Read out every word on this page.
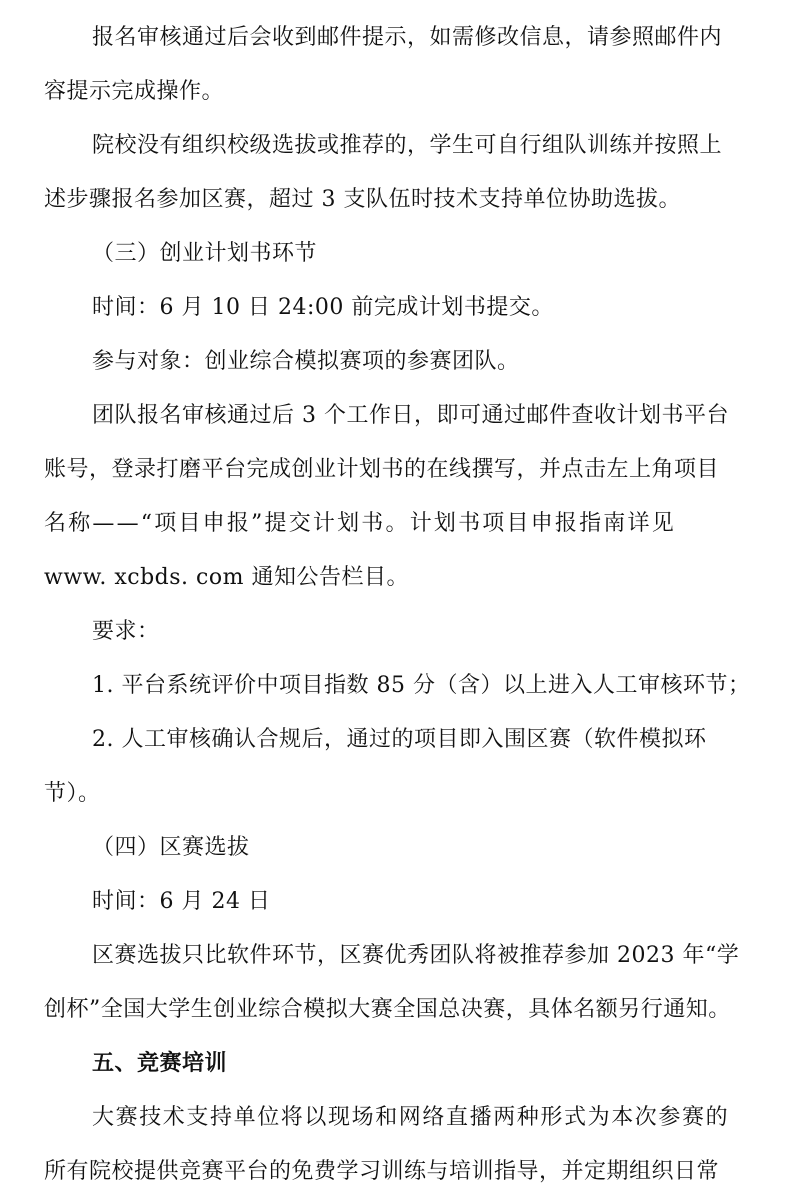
报名审核通过后会收到邮件提示，如需修改信息，请参照邮件内
容提示完成操作。
院校没有组织校级选拔或推荐的，学生可自行组队训练并按照上
述步骤报名参加区赛，超过 3 支队伍时技术支持单位协助选拔。
（三）创业计划书环节
时间：6 月 10 日 24:00 前完成计划书提交。
参与对象：创业综合模拟赛项的参赛团队。
团队报名审核通过后 3 个工作日，即可通过邮件查收计划书平台
账号，登录打磨平台完成创业计划书的在线撰写，并点击左上角项目
名称——“项目申报”提交计划书。计划书项目申报指南详见
www. xcbds. com 通知公告栏目。
要求：
1. 平台系统评价中项目指数 85 分（含）以上进入人工审核环节；
2. 人工审核确认合规后，通过的项目即入围区赛（软件模拟环
节）。
（四）区赛选拔
时间：6 月 24 日
区赛选拔只比软件环节，区赛优秀团队将被推荐参加 2023 年“学
创杯”全国大学生创业综合模拟大赛全国总决赛，具体名额另行通知。
五、竞赛培训
大赛技术支持单位将以现场和网络直播两种形式为本次参赛的
所有院校提供竞赛平台的免费学习训练与培训指导，并定期组织日常
